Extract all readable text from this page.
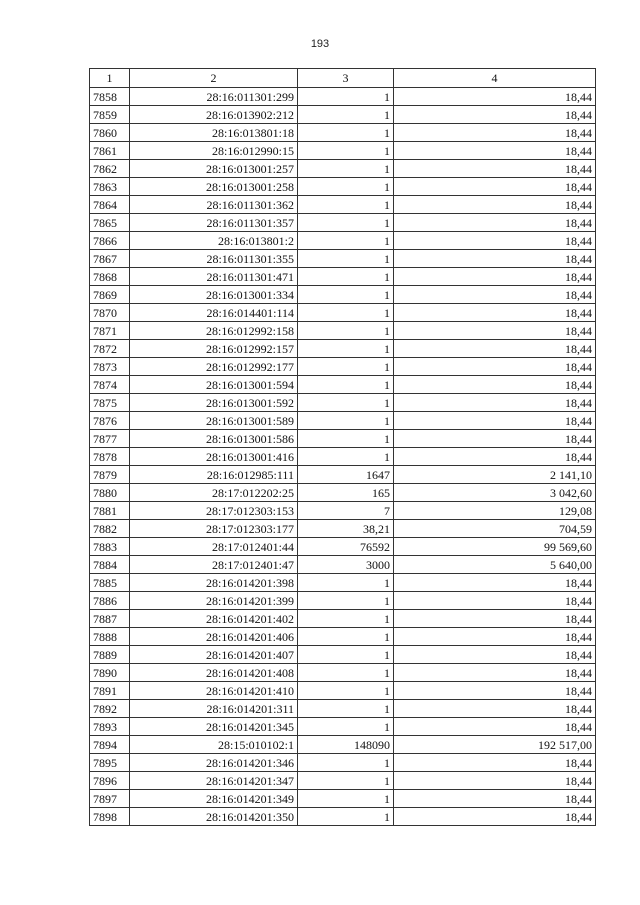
193
1	2	3	4
7858	28:16:011301:299	1	18,44
7859	28:16:013902:212	1	18,44
7860	28:16:013801:18	1	18,44
7861	28:16:012990:15	1	18,44
7862	28:16:013001:257	1	18,44
7863	28:16:013001:258	1	18,44
7864	28:16:011301:362	1	18,44
7865	28:16:011301:357	1	18,44
7866	28:16:013801:2	1	18,44
7867	28:16:011301:355	1	18,44
7868	28:16:011301:471	1	18,44
7869	28:16:013001:334	1	18,44
7870	28:16:014401:114	1	18,44
7871	28:16:012992:158	1	18,44
7872	28:16:012992:157	1	18,44
7873	28:16:012992:177	1	18,44
7874	28:16:013001:594	1	18,44
7875	28:16:013001:592	1	18,44
7876	28:16:013001:589	1	18,44
7877	28:16:013001:586	1	18,44
7878	28:16:013001:416	1	18,44
7879	28:16:012985:111	1647	2 141,10
7880	28:17:012202:25	165	3 042,60
7881	28:17:012303:153	7	129,08
7882	28:17:012303:177	38,21	704,59
7883	28:17:012401:44	76592	99 569,60
7884	28:17:012401:47	3000	5 640,00
7885	28:16:014201:398	1	18,44
7886	28:16:014201:399	1	18,44
7887	28:16:014201:402	1	18,44
7888	28:16:014201:406	1	18,44
7889	28:16:014201:407	1	18,44
7890	28:16:014201:408	1	18,44
7891	28:16:014201:410	1	18,44
7892	28:16:014201:311	1	18,44
7893	28:16:014201:345	1	18,44
7894	28:15:010102:1	148090	192 517,00
7895	28:16:014201:346	1	18,44
7896	28:16:014201:347	1	18,44
7897	28:16:014201:349	1	18,44
7898	28:16:014201:350	1	18,44
